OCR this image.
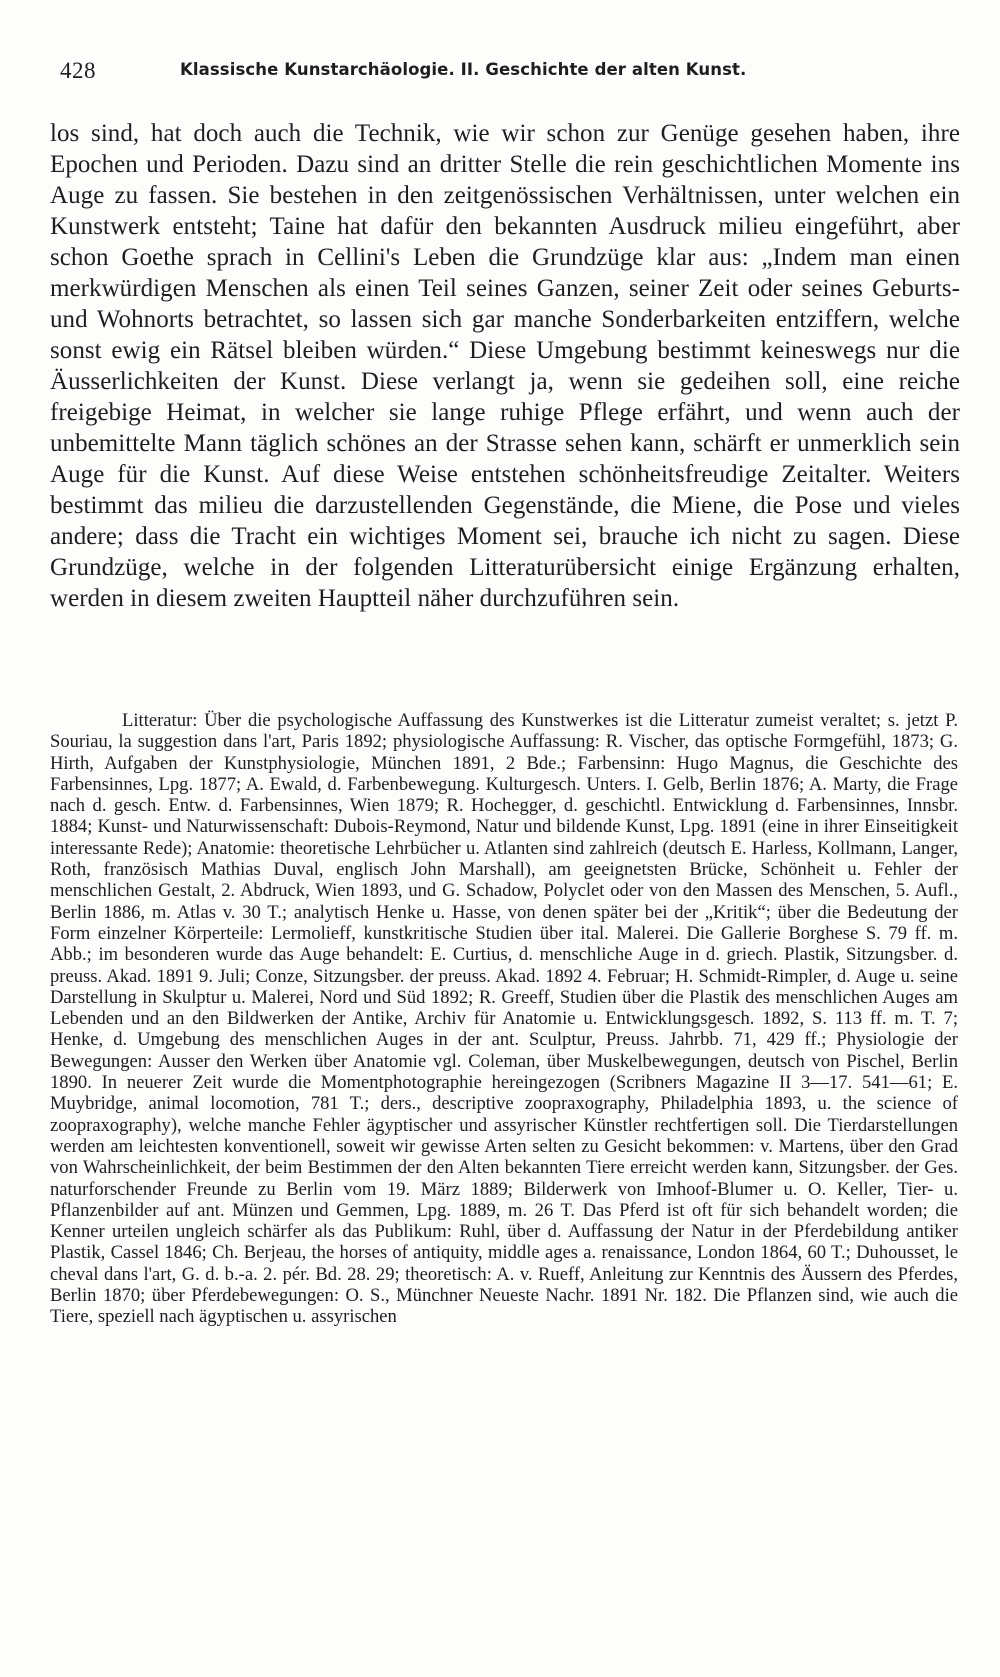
428	Klassische Kunstarchäologie. II. Geschichte der alten Kunst.

los sind, hat doch auch die Technik, wie wir schon zur Genüge gesehen haben, ihre Epochen und Perioden. Dazu sind an dritter Stelle die rein geschichtlichen Momente ins Auge zu fassen. Sie bestehen in den zeitgenössischen Verhältnissen, unter welchen ein Kunstwerk entsteht; Taine hat dafür den bekannten Ausdruck milieu eingeführt, aber schon Goethe sprach in Cellini's Leben die Grundzüge klar aus: „Indem man einen merkwürdigen Menschen als einen Teil seines Ganzen, seiner Zeit oder seines Geburts- und Wohnorts betrachtet, so lassen sich gar manche Sonderbarkeiten entziffern, welche sonst ewig ein Rätsel bleiben würden.“ Diese Umgebung bestimmt keineswegs nur die Äusserlichkeiten der Kunst. Diese verlangt ja, wenn sie gedeihen soll, eine reiche freigebige Heimat, in welcher sie lange ruhige Pflege erfährt, und wenn auch der unbemittelte Mann täglich schönes an der Strasse sehen kann, schärft er unmerklich sein Auge für die Kunst. Auf diese Weise entstehen schönheitsfreudige Zeitalter. Weiters bestimmt das milieu die darzustellenden Gegenstände, die Miene, die Pose und vieles andere; dass die Tracht ein wichtiges Moment sei, brauche ich nicht zu sagen. Diese Grundzüge, welche in der folgenden Litteraturübersicht einige Ergänzung erhalten, werden in diesem zweiten Hauptteil näher durchzuführen sein.

Litteratur: Über die psychologische Auffassung des Kunstwerkes ist die Litteratur zumeist veraltet; s. jetzt P. Souriau, la suggestion dans l'art, Paris 1892; physiologische Auffassung: R. Vischer, das optische Formgefühl, 1873; G. Hirth, Aufgaben der Kunstphysiologie, München 1891, 2 Bde.; Farbensinn: Hugo Magnus, die Geschichte des Farbensinnes, Lpg. 1877; A. Ewald, d. Farbenbewegung. Kulturgesch. Unters. I. Gelb, Berlin 1876; A. Marty, die Frage nach d. gesch. Entw. d. Farbensinnes, Wien 1879; R. Hochegger, d. geschichtl. Entwicklung d. Farbensinnes, Innsbr. 1884; Kunst- und Naturwissenschaft: Dubois-Reymond, Natur und bildende Kunst, Lpg. 1891 (eine in ihrer Einseitigkeit interessante Rede); Anatomie: theoretische Lehrbücher u. Atlanten sind zahlreich (deutsch E. Harless, Kollmann, Langer, Roth, französisch Mathias Duval, englisch John Marshall), am geeignetsten Brücke, Schönheit u. Fehler der menschlichen Gestalt, 2. Abdruck, Wien 1893, und G. Schadow, Polyclet oder von den Massen des Menschen, 5. Aufl., Berlin 1886, m. Atlas v. 30 T.; analytisch Henke u. Hasse, von denen später bei der „Kritik“; über die Bedeutung der Form einzelner Körperteile: Lermolieff, kunstkritische Studien über ital. Malerei. Die Gallerie Borghese S. 79 ff. m. Abb.; im besonderen wurde das Auge behandelt: E. Curtius, d. menschliche Auge in d. griech. Plastik, Sitzungsber. d. preuss. Akad. 1891 9. Juli; Conze, Sitzungsber. der preuss. Akad. 1892 4. Februar; H. Schmidt-Rimpler, d. Auge u. seine Darstellung in Skulptur u. Malerei, Nord und Süd 1892; R. Greeff, Studien über die Plastik des menschlichen Auges am Lebenden und an den Bildwerken der Antike, Archiv für Anatomie u. Entwicklungsgesch. 1892, S. 113 ff. m. T. 7; Henke, d. Umgebung des menschlichen Auges in der ant. Sculptur, Preuss. Jahrbb. 71, 429 ff.; Physiologie der Bewegungen: Ausser den Werken über Anatomie vgl. Coleman, über Muskelbewegungen, deutsch von Pischel, Berlin 1890. In neuerer Zeit wurde die Momentphotographie hereingezogen (Scribners Magazine II 3—17. 541—61; E. Muybridge, animal locomotion, 781 T.; ders., descriptive zoopraxography, Philadelphia 1893, u. the science of zoopraxography), welche manche Fehler ägyptischer und assyrischer Künstler rechtfertigen soll. Die Tierdarstellungen werden am leichtesten konventionell, soweit wir gewisse Arten selten zu Gesicht bekommen: v. Martens, über den Grad von Wahrscheinlichkeit, der beim Bestimmen der den Alten bekannten Tiere erreicht werden kann, Sitzungsber. der Ges. naturforschender Freunde zu Berlin vom 19. März 1889; Bilderwerk von Imhoof-Blumer u. O. Keller, Tier- u. Pflanzenbilder auf ant. Münzen und Gemmen, Lpg. 1889, m. 26 T. Das Pferd ist oft für sich behandelt worden; die Kenner urteilen ungleich schärfer als das Publikum: Ruhl, über d. Auffassung der Natur in der Pferdebildung antiker Plastik, Cassel 1846; Ch. Berjeau, the horses of antiquity, middle ages a. renaissance, London 1864, 60 T.; Duhousset, le cheval dans l'art, G. d. b.-a. 2. pér. Bd. 28. 29; theoretisch: A. v. Rueff, Anleitung zur Kenntnis des Äussern des Pferdes, Berlin 1870; über Pferdebewegungen: O. S., Münchner Neueste Nachr. 1891 Nr. 182. Die Pflanzen sind, wie auch die Tiere, speziell nach ägyptischen u. assyrischen
